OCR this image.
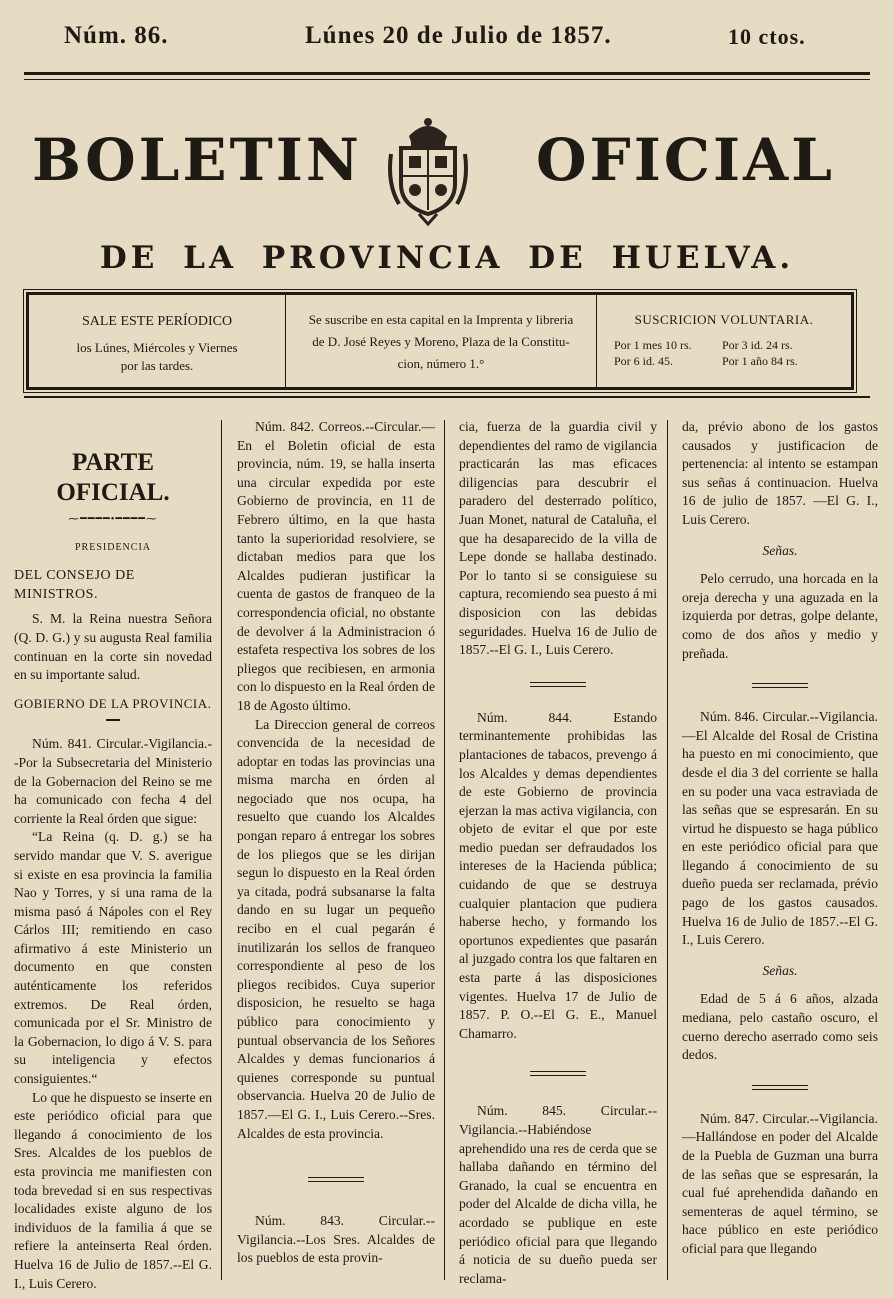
Núm. 86.	Lúnes 20 de Julio de 1857.	10 ctos.
BOLETIN	OFICIAL
DE LA PROVINCIA DE HUELVA.
SALE ESTE PERÍODICO
los Lúnes, Miércoles y Viernes
por las tardes.
Se suscribe en esta capital en la Imprenta y libreria
de D. José Reyes y Moreno, Plaza de la Constitu-
cion, número 1.°
SUSCRICION VOLUNTARIA.
Por 1 mes 10 rs.	Por 3 id. 24 rs.
Por 6 id. 45.	Por 1 año 84 rs.
PARTE OFICIAL.
⁓━━━━•━━━━⁓
PRESIDENCIA
DEL CONSEJO DE MINISTROS.

S. M. la Reina nuestra Señora (Q. D. G.) y su augusta Real familia continuan en la corte sin novedad en su importante salud.

GOBIERNO DE LA PROVINCIA.

Núm. 841. Circular.-Vigilancia.--Por la Subsecretaria del Ministerio de la Gobernacion del Reino se me ha comunicado con fecha 4 del corriente la Real órden que sigue:

“La Reina (q. D. g.) se ha servido mandar que V. S. averigue si existe en esa provincia la familia Nao y Torres, y si una rama de la misma pasó á Nápoles con el Rey Cárlos III; remitiendo en caso afirmativo á este Ministerio un documento en que consten auténticamente los referidos extremos. De Real órden, comunicada por el Sr. Ministro de la Gobernacion, lo digo á V. S. para su inteligencia y efectos consiguientes.“

Lo que he dispuesto se inserte en este periódico oficial para que llegando á conocimiento de los Sres. Alcaldes de los pueblos de esta provincia me manifiesten con toda brevedad si en sus respectivas localidades existe alguno de los individuos de la familia á que se refiere la anteinserta Real órden. Huelva 16 de Julio de 1857.--El G. I., Luis Cerero.

Núm. 842. Correos.--Circular.—En el Boletin oficial de esta provincia, núm. 19, se halla inserta una circular expedida por este Gobierno de provincia, en 11 de Febrero último, en la que hasta tanto la superioridad resolviere, se dictaban medios para que los Alcaldes pudieran justificar la cuenta de gastos de franqueo de la correspondencia oficial, no obstante de devolver á la Administracion ó estafeta respectiva los sobres de los pliegos que recibiesen, en armonia con lo dispuesto en la Real órden de 18 de Agosto último.

La Direccion general de correos convencida de la necesidad de adoptar en todas las provincias una misma marcha en órden al negociado que nos ocupa, ha resuelto que cuando los Alcaldes pongan reparo á entregar los sobres de los pliegos que se les dirijan segun lo dispuesto en la Real órden ya citada, podrá subsanarse la falta dando en su lugar un pequeño recibo en el cual pegarán é inutilizarán los sellos de franqueo correspondiente al peso de los pliegos recibidos. Cuya superior disposicion, he resuelto se haga público para conocimiento y puntual observancia de los Señores Alcaldes y demas funcionarios á quienes corresponde su puntual observancia. Huelva 20 de Julio de 1857.—El G. I., Luis Cerero.--Sres. Alcaldes de esta provincia.

Núm. 843. Circular.--Vigilancia.--Los Sres. Alcaldes de los pueblos de esta provin-

cia, fuerza de la guardia civil y dependientes del ramo de vigilancia practicarán las mas eficaces diligencias para descubrir el paradero del desterrado político, Juan Monet, natural de Cataluña, el que ha desaparecido de la villa de Lepe donde se hallaba destinado. Por lo tanto si se consiguiese su captura, recomiendo sea puesto á mi disposicion con las debidas seguridades. Huelva 16 de Julio de 1857.--El G. I., Luis Cerero.

Núm. 844. Estando terminantemente prohibidas las plantaciones de tabacos, prevengo á los Alcaldes y demas dependientes de este Gobierno de provincia ejerzan la mas activa vigilancia, con objeto de evitar el que por este medio puedan ser defraudados los intereses de la Hacienda pública; cuidando de que se destruya cualquier plantacion que pudiera haberse hecho, y formando los oportunos expedientes que pasarán al juzgado contra los que faltaren en esta parte á las disposiciones vigentes. Huelva 17 de Julio de 1857. P. O.--El G. E., Manuel Chamarro.

Núm. 845. Circular.--Vigilancia.--Habiéndose aprehendido una res de cerda que se hallaba dañando en término del Granado, la cual se encuentra en poder del Alcalde de dicha villa, he acordado se publique en este periódico oficial para que llegando á noticia de su dueño pueda ser reclama-

da, prévio abono de los gastos causados y justificacion de pertenencia: al intento se estampan sus señas á continuacion. Huelva 16 de julio de 1857. —El G. I., Luis Cerero.

Señas.

Pelo cerrudo, una horcada en la oreja derecha y una aguzada en la izquierda por detras, golpe delante, como de dos años y medio y preñada.

Núm. 846. Circular.--Vigilancia.—El Alcalde del Rosal de Cristina ha puesto en mi conocimiento, que desde el dia 3 del corriente se halla en su poder una vaca estraviada de las señas que se espresarán. En su virtud he dispuesto se haga público en este periódico oficial para que llegando á conocimiento de su dueño pueda ser reclamada, prévio pago de los gastos causados. Huelva 16 de Julio de 1857.--El G. I., Luis Cerero.

Señas.

Edad de 5 á 6 años, alzada mediana, pelo castaño oscuro, el cuerno derecho aserrado como seis dedos.

Núm. 847. Circular.--Vigilancia.—Hallándose en poder del Alcalde de la Puebla de Guzman una burra de las señas que se espresarán, la cual fué aprehendida dañando en sementeras de aquel término, se hace público en este periódico oficial para que llegando
